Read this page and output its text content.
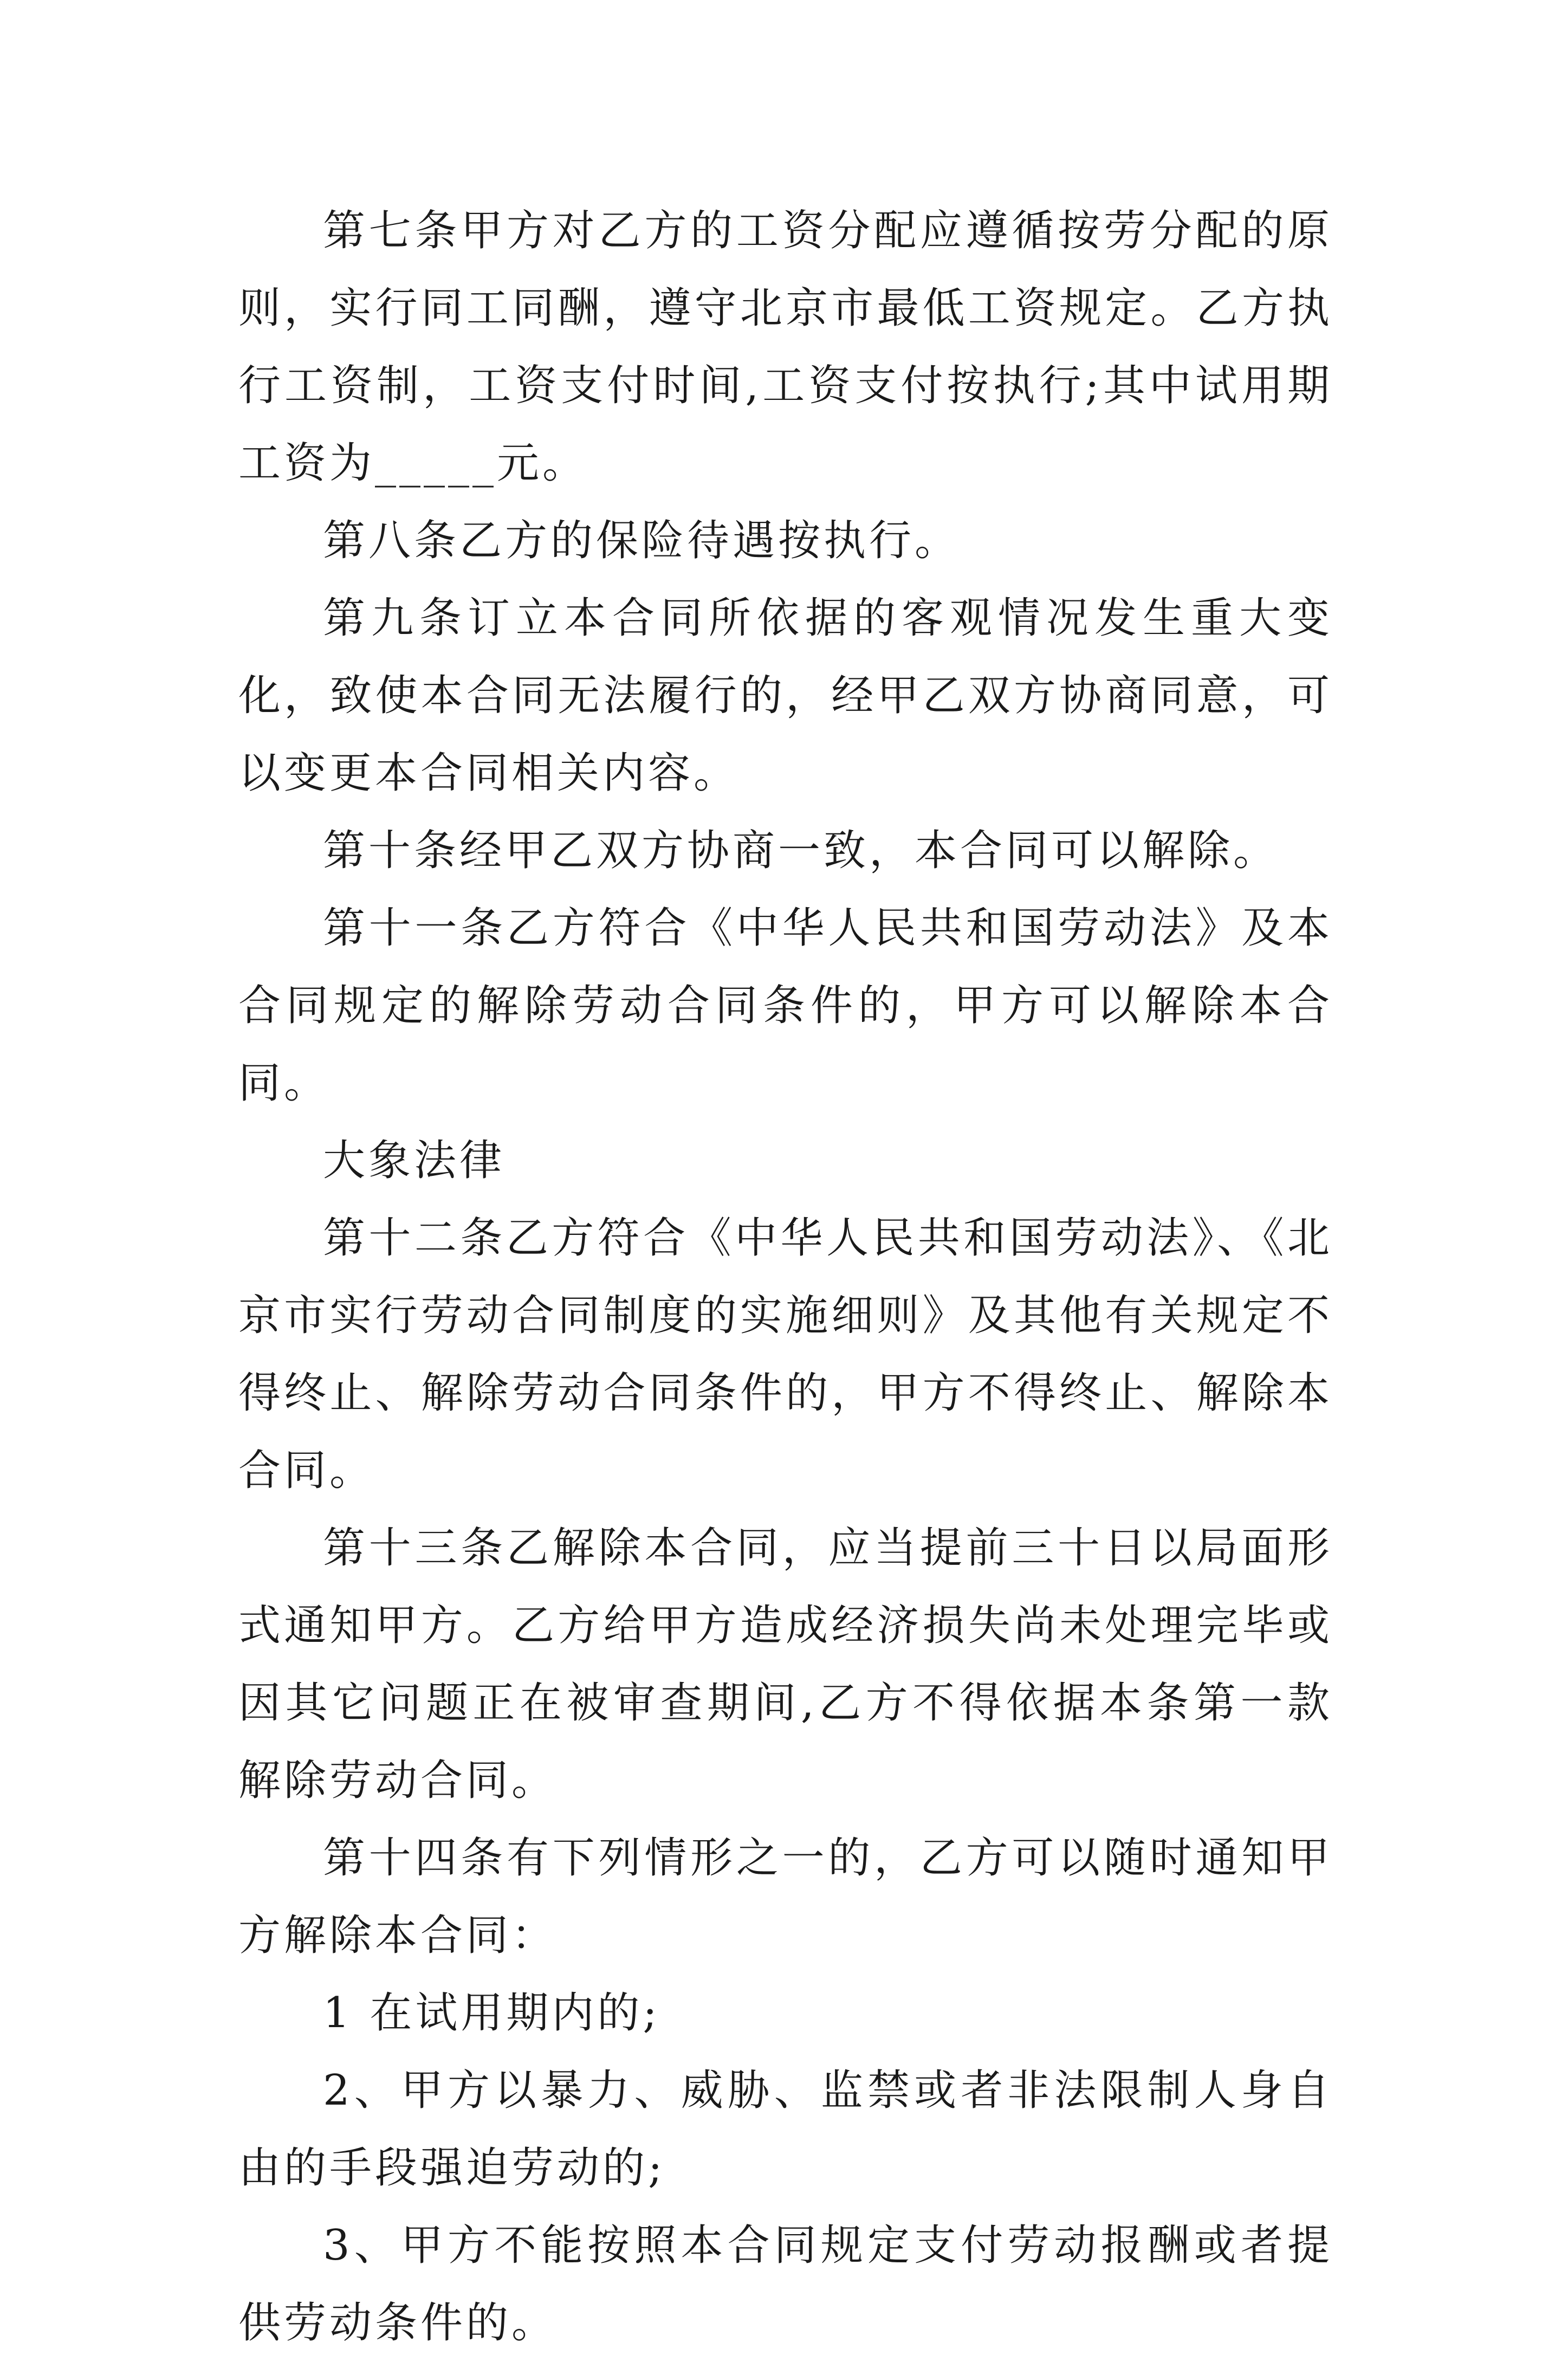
第七条甲方对乙方的工资分配应遵循按劳分配的原则，实行同工同酬，遵守北京市最低工资规定。乙方执行工资制，工资支付时间,工资支付按执行;其中试用期工资为_____元。

第八条乙方的保险待遇按执行。

第九条订立本合同所依据的客观情况发生重大变化，致使本合同无法履行的，经甲乙双方协商同意，可以变更本合同相关内容。

第十条经甲乙双方协商一致，本合同可以解除。

第十一条乙方符合《中华人民共和国劳动法》及本合同规定的解除劳动合同条件的，甲方可以解除本合同。

大象法律

第十二条乙方符合《中华人民共和国劳动法》、《北京市实行劳动合同制度的实施细则》及其他有关规定不得终止、解除劳动合同条件的，甲方不得终止、解除本合同。

第十三条乙解除本合同，应当提前三十日以局面形式通知甲方。乙方给甲方造成经济损失尚未处理完毕或因其它问题正在被审查期间,乙方不得依据本条第一款解除劳动合同。

第十四条有下列情形之一的，乙方可以随时通知甲方解除本合同：

1 在试用期内的;

2、甲方以暴力、威胁、监禁或者非法限制人身自由的手段强迫劳动的;

3、甲方不能按照本合同规定支付劳动报酬或者提供劳动条件的。
